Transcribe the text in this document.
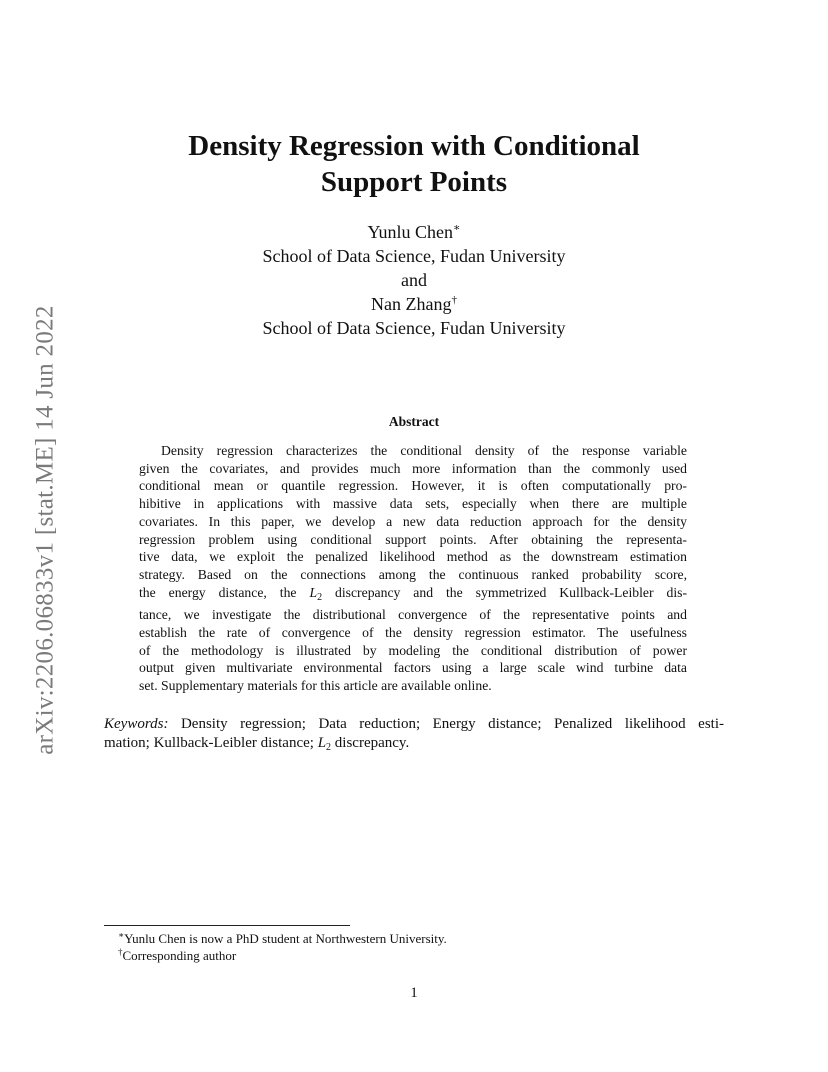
arXiv:2206.06833v1 [stat.ME] 14 Jun 2022
Density Regression with Conditional
Support Points
Yunlu Chen∗
School of Data Science, Fudan University
and
Nan Zhang†
School of Data Science, Fudan University
Abstract
Density regression characterizes the conditional density of the response variable
given the covariates, and provides much more information than the commonly used
conditional mean or quantile regression. However, it is often computationally pro-
hibitive in applications with massive data sets, especially when there are multiple
covariates. In this paper, we develop a new data reduction approach for the density
regression problem using conditional support points. After obtaining the representa-
tive data, we exploit the penalized likelihood method as the downstream estimation
strategy. Based on the connections among the continuous ranked probability score,
the energy distance, the $L_2$ discrepancy and the symmetrized Kullback-Leibler dis-
tance, we investigate the distributional convergence of the representative points and
establish the rate of convergence of the density regression estimator. The usefulness
of the methodology is illustrated by modeling the conditional distribution of power
output given multivariate environmental factors using a large scale wind turbine data
set. Supplementary materials for this article are available online.
Keywords: Density regression; Data reduction; Energy distance; Penalized likelihood esti-
mation; Kullback-Leibler distance; $L_2$ discrepancy.
∗Yunlu Chen is now a PhD student at Northwestern University.
†Corresponding author
1
